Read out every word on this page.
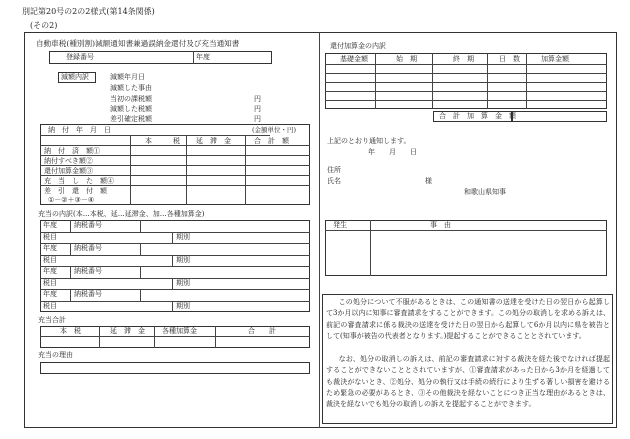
別記第20号の2の2様式(第14条関係)
(その2)
自動車税(種別割)減額通知書兼過誤納金還付及び充当通知書
登録番号	年度
減額内訳	減額年月日
減額した事由
当初の課税額
減額した税額
差引確定税額
円
円
円
納　付　年　月　日	(金額単位・円)
本　　　税 延　滞　金	合　計　額
納　付　済　額①
納付すべき額②
還付加算金額③
充　当　し　た　額④
差　引　還　付　額
①－②＋③－④
充当の内訳(本…本税、延…延滞金、加…各種加算金)
年度 納税番号
税目	期別
年度 納税番号
税目	期別
年度 納税番号
税目	期別
年度 納税番号
税目	期別
充当合計
本　税	延　滞　金 各種加算金	合　　計
充当の理由
還付加算金の内訳
基礎金額	始　期	終　期	日　数	加算金額
合　計　加　算　金　額
上記のとおり通知します。
年　　月　　日
住所
氏名	様
和歌山県知事
発生	事　由
この処分について不服があるときは、この通知書の送達を受けた日の翌日から起算して3か月以内に知事に審査請求をすることができます。この処分の取消しを求める訴えは、前記の審査請求に係る裁決の送達を受けた日の翌日から起算して6か月以内に県を被告として(知事が被告の代表者となります。)提起することができることとされています。
なお、処分の取消しの訴えは、前記の審査請求に対する裁決を経た後でなければ提起することができないこととされていますが、①審査請求があった日から3か月を経過しても裁決がないとき、②処分、処分の執行又は手続の続行により生ずる著しい損害を避けるため緊急の必要があるとき、③その他裁決を経ないことにつき正当な理由があるときは、裁決を経ないでも処分の取消しの訴えを提起することができます。
